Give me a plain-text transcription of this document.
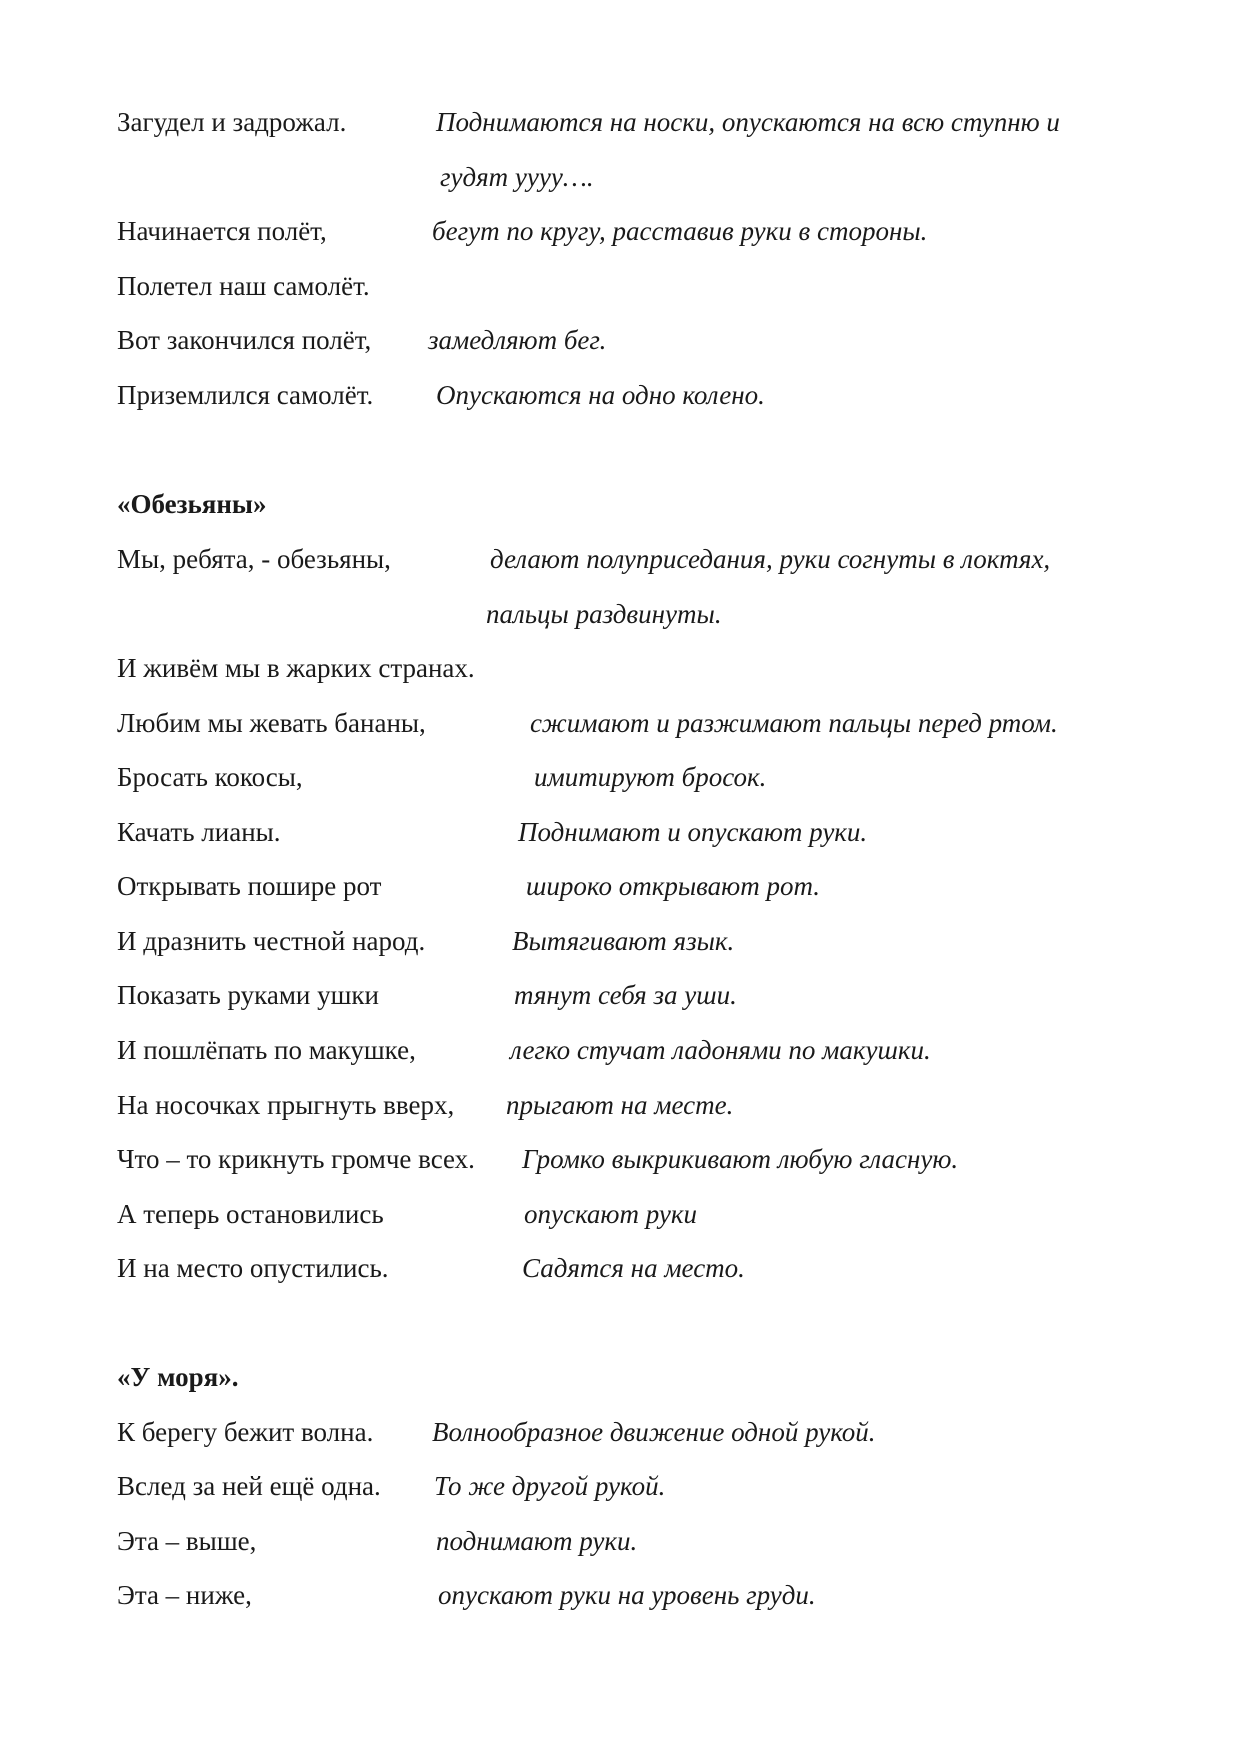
Загудел и задрожал.	Поднимаются на носки, опускаются на всю ступню и
гудят уууу….
Начинается полёт,	бегут по кругу, расставив руки в стороны.
Полетел наш самолёт.
Вот закончился полёт, замедляют бег.
Приземлился самолёт. Опускаются на одно колено.
«Обезьяны»
Мы, ребята, - обезьяны,	делают полуприседания, руки согнуты в локтях,
пальцы раздвинуты.
И живём мы в жарких странах.
Любим мы жевать бананы,	сжимают и разжимают пальцы перед ртом.
Бросать кокосы,	имитируют бросок.
Качать лианы.	Поднимают и опускают руки.
Открывать пошире рот	широко открывают рот.
И дразнить честной народ.	Вытягивают язык.
Показать руками ушки	тянут себя за уши.
И пошлёпать по макушке,	легко стучат ладонями по макушки.
На носочках прыгнуть вверх, прыгают на месте.
Что – то крикнуть громче всех. Громко выкрикивают любую гласную.
А теперь остановились	опускают руки
И на место опустились.	Садятся на место.
«У моря».
К берегу бежит волна. Волнообразное движение одной рукой.
Вслед за ней ещё одна. То же другой рукой.
Эта – выше,	поднимают руки.
Эта – ниже,	опускают руки на уровень груди.
